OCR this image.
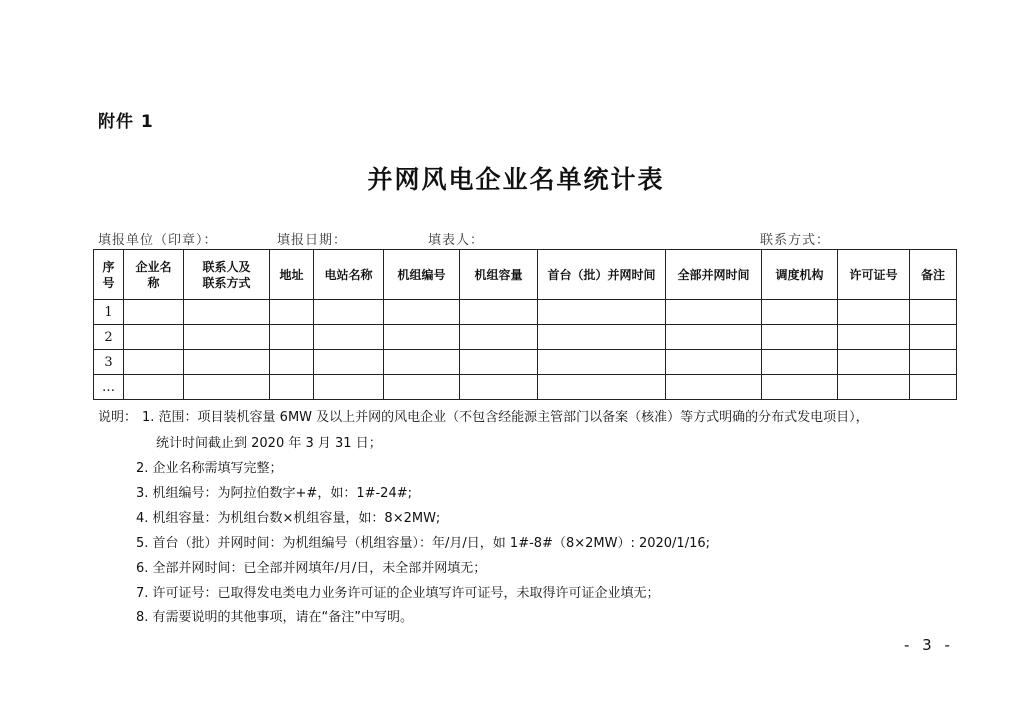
附件 1
并网风电企业名单统计表
填报单位（印章）：	填报日期：	填表人：	联系方式：
序号	企业名称	联系人及联系方式	地址	电站名称	机组编号	机组容量	首台（批）并网时间	全部并网时间	调度机构	许可证号	备注
1											
2											
3											
…											
说明： 1. 范围：项目装机容量 6MW 及以上并网的风电企业（不包含经能源主管部门以备案（核准）等方式明确的分布式发电项目），
统计时间截止到 2020 年 3 月 31 日；
2. 企业名称需填写完整；
3. 机组编号：为阿拉伯数字+#，如：1#-24#;
4. 机组容量：为机组台数×机组容量，如：8×2MW;
5. 首台（批）并网时间：为机组编号（机组容量）：年/月/日，如 1#-8#（8×2MW）: 2020/1/16;
6. 全部并网时间：已全部并网填年/月/日，未全部并网填无；
7. 许可证号：已取得发电类电力业务许可证的企业填写许可证号，未取得许可证企业填无；
8. 有需要说明的其他事项，请在“备注”中写明。
- 3 -
